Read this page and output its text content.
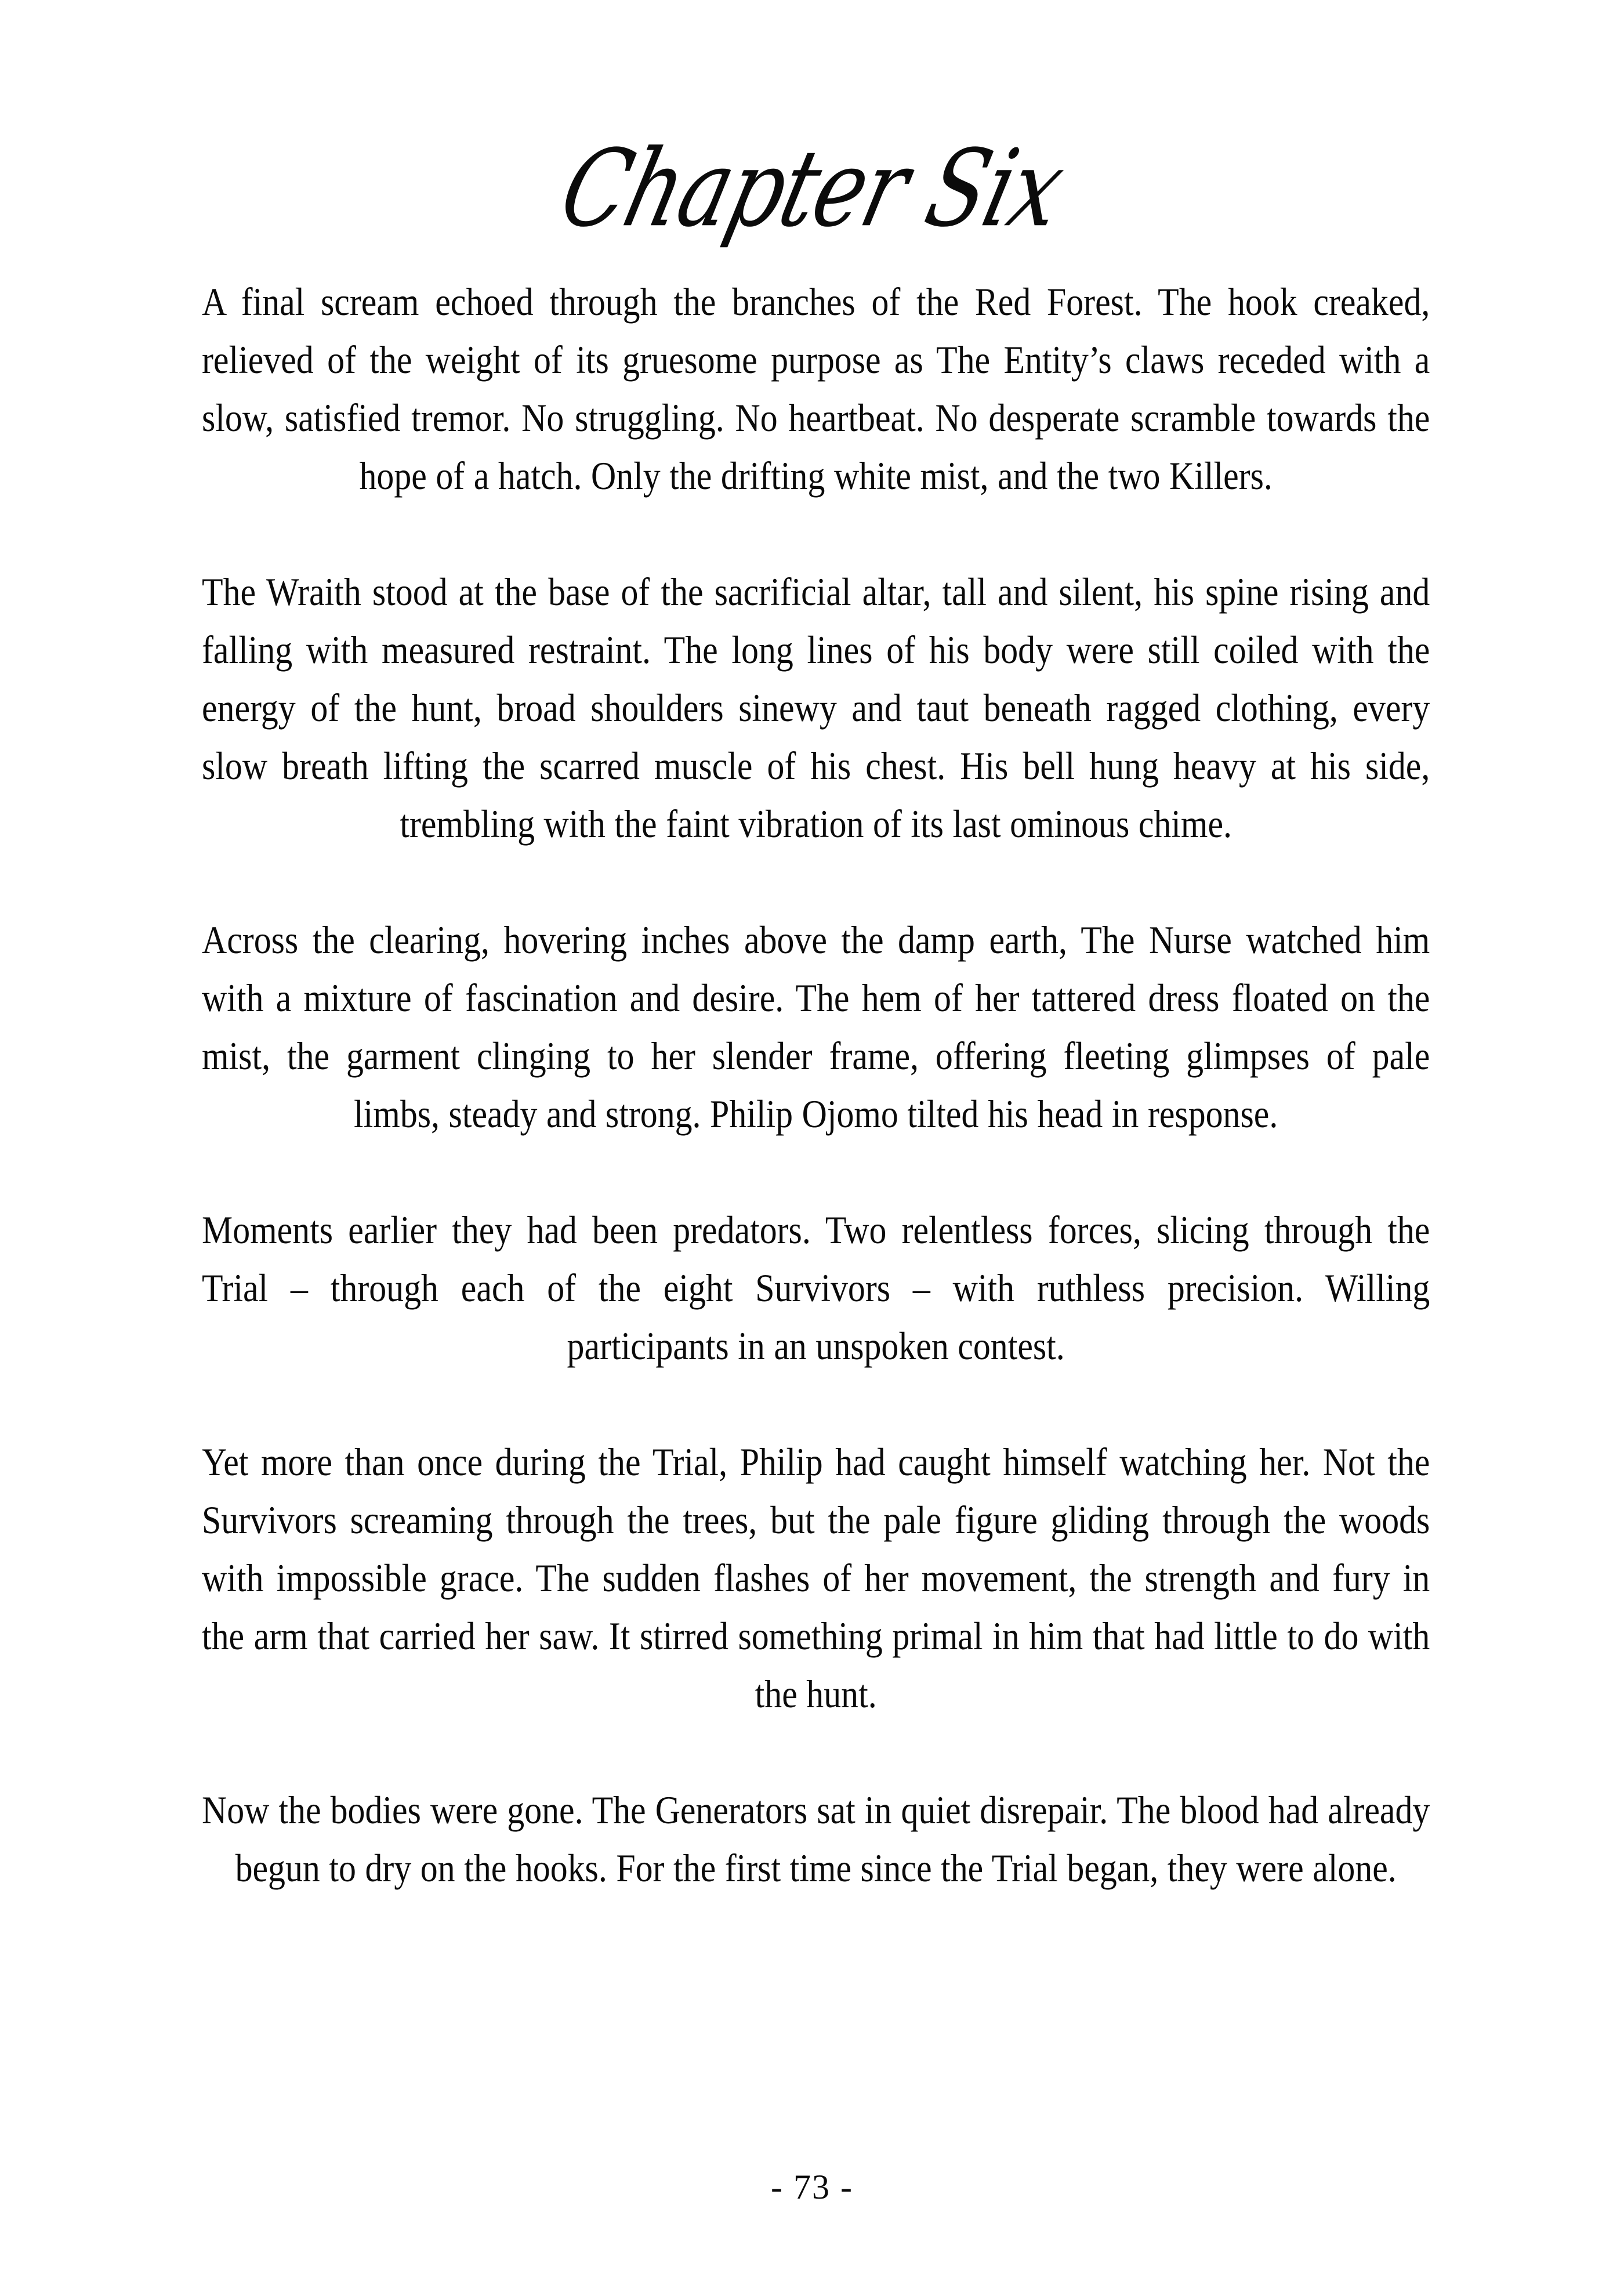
Chapter Six

A final scream echoed through the branches of the Red Forest. The hook creaked, relieved of the weight of its gruesome purpose as The Entity’s claws receded with a slow, satisfied tremor. No struggling. No heartbeat. No desperate scramble towards the hope of a hatch. Only the drifting white mist, and the two Killers.

The Wraith stood at the base of the sacrificial altar, tall and silent, his spine rising and falling with measured restraint. The long lines of his body were still coiled with the energy of the hunt, broad shoulders sinewy and taut beneath ragged clothing, every slow breath lifting the scarred muscle of his chest. His bell hung heavy at his side, trembling with the faint vibration of its last ominous chime.

Across the clearing, hovering inches above the damp earth, The Nurse watched him with a mixture of fascination and desire. The hem of her tattered dress floated on the mist, the garment clinging to her slender frame, offering fleeting glimpses of pale limbs, steady and strong. Philip Ojomo tilted his head in response.

Moments earlier they had been predators. Two relentless forces, slicing through the Trial – through each of the eight Survivors – with ruthless precision. Willing participants in an unspoken contest.

Yet more than once during the Trial, Philip had caught himself watching her. Not the Survivors screaming through the trees, but the pale figure gliding through the woods with impossible grace. The sudden flashes of her movement, the strength and fury in the arm that carried her saw. It stirred something primal in him that had little to do with the hunt.

Now the bodies were gone. The Generators sat in quiet disrepair. The blood had already begun to dry on the hooks. For the first time since the Trial began, they were alone.

- 73 -
